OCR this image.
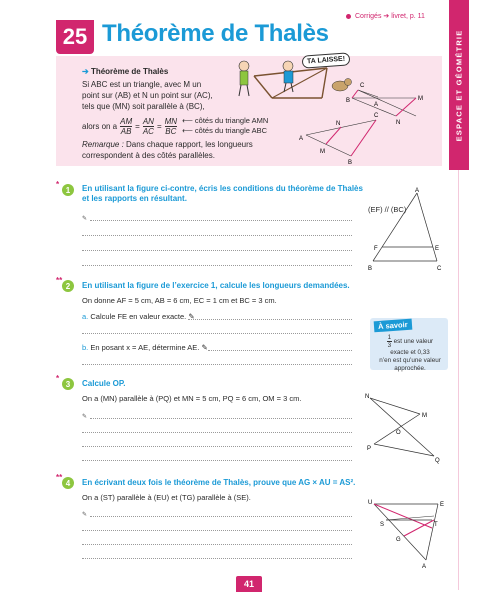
25 Théorème de Thalès
Corrigés ➔ livret, p. 11
ESPACE ET GÉOMÉTRIE
TA LAISSE!
➔ Théorème de Thalès
Si ABC est un triangle, avec M un
point sur (AB) et N un point sur (AC),
tels que (MN) soit parallèle à (BC),
alors on a $\frac{AM}{AB} = \frac{AN}{AC} = \frac{MN}{BC}$
⟵	côtés du triangle AMN
⟵ côtés du triangle ABC
Remarque : Dans chaque rapport, les longueurs
correspondent à des côtés parallèles.
C
B
A
M
N
C
N
A
M
B
*
1	En utilisant la figure ci-contre, écris les conditions du théorème de Thalès
et les rapports en résultant.
✎
(EF) // (BC)
A
F	E
B	C
**
2	En utilisant la figure de l’exercice 1, calcule les longueurs demandées.
On donne AF = 5 cm, AB = 6 cm, EC = 1 cm et BC = 3 cm.
a. Calcule FE en valeur exacte. ✎
b. En posant x = AE, détermine AE. ✎
À savoir
$\frac{1}{3}$ est une valeur
exacte et 0,33
n’en est qu’une valeur
approchée.
*
3	Calcule OP.
On a (MN) parallèle à (PQ) et MN = 5 cm, PQ = 6 cm, OM = 3 cm.
✎
N
M
O
P
Q
**
4	En écrivant deux fois le théorème de Thalès, prouve que AG × AU = AS².
On a (ST) parallèle à (EU) et (TG) parallèle à (SE).
✎
U	E
S	T
G
A
41
